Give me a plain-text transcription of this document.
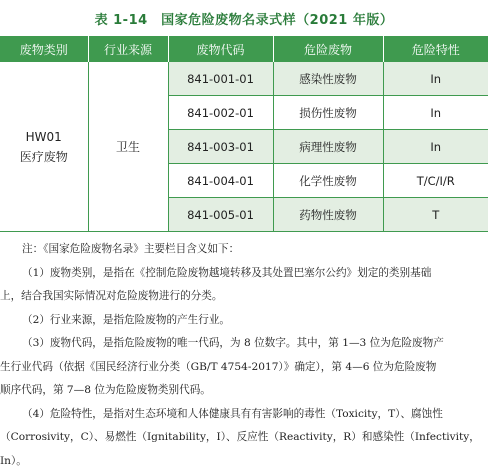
表 1-14　国家危险废物名录式样（2021 年版）
废物类别	行业来源	废物代码	危险废物	危险特性

HW01
医疗废物	卫生	841-001-01	感染性废物	In
		841-002-01	损伤性废物	In
		841-003-01	病理性废物	In
		841-004-01	化学性废物	T/C/I/R
		841-005-01	药物性废物	T
注：《国家危险废物名录》主要栏目含义如下：
（1）废物类别，是指在《控制危险废物越境转移及其处置巴塞尔公约》划定的类别基础
上，结合我国实际情况对危险废物进行的分类。
（2）行业来源，是指危险废物的产生行业。
（3）废物代码，是指危险废物的唯一代码，为 8 位数字。其中，第 1—3 位为危险废物产
生行业代码（依据《国民经济行业分类（GB/T 4754-2017）》确定），第 4—6 位为危险废物
顺序代码，第 7—8 位为危险废物类别代码。
（4）危险特性，是指对生态环境和人体健康具有有害影响的毒性（Toxicity，T）、腐蚀性
（Corrosivity，C）、易燃性（Ignitability，I）、反应性（Reactivity，R）和感染性（Infectivity，
In）。
